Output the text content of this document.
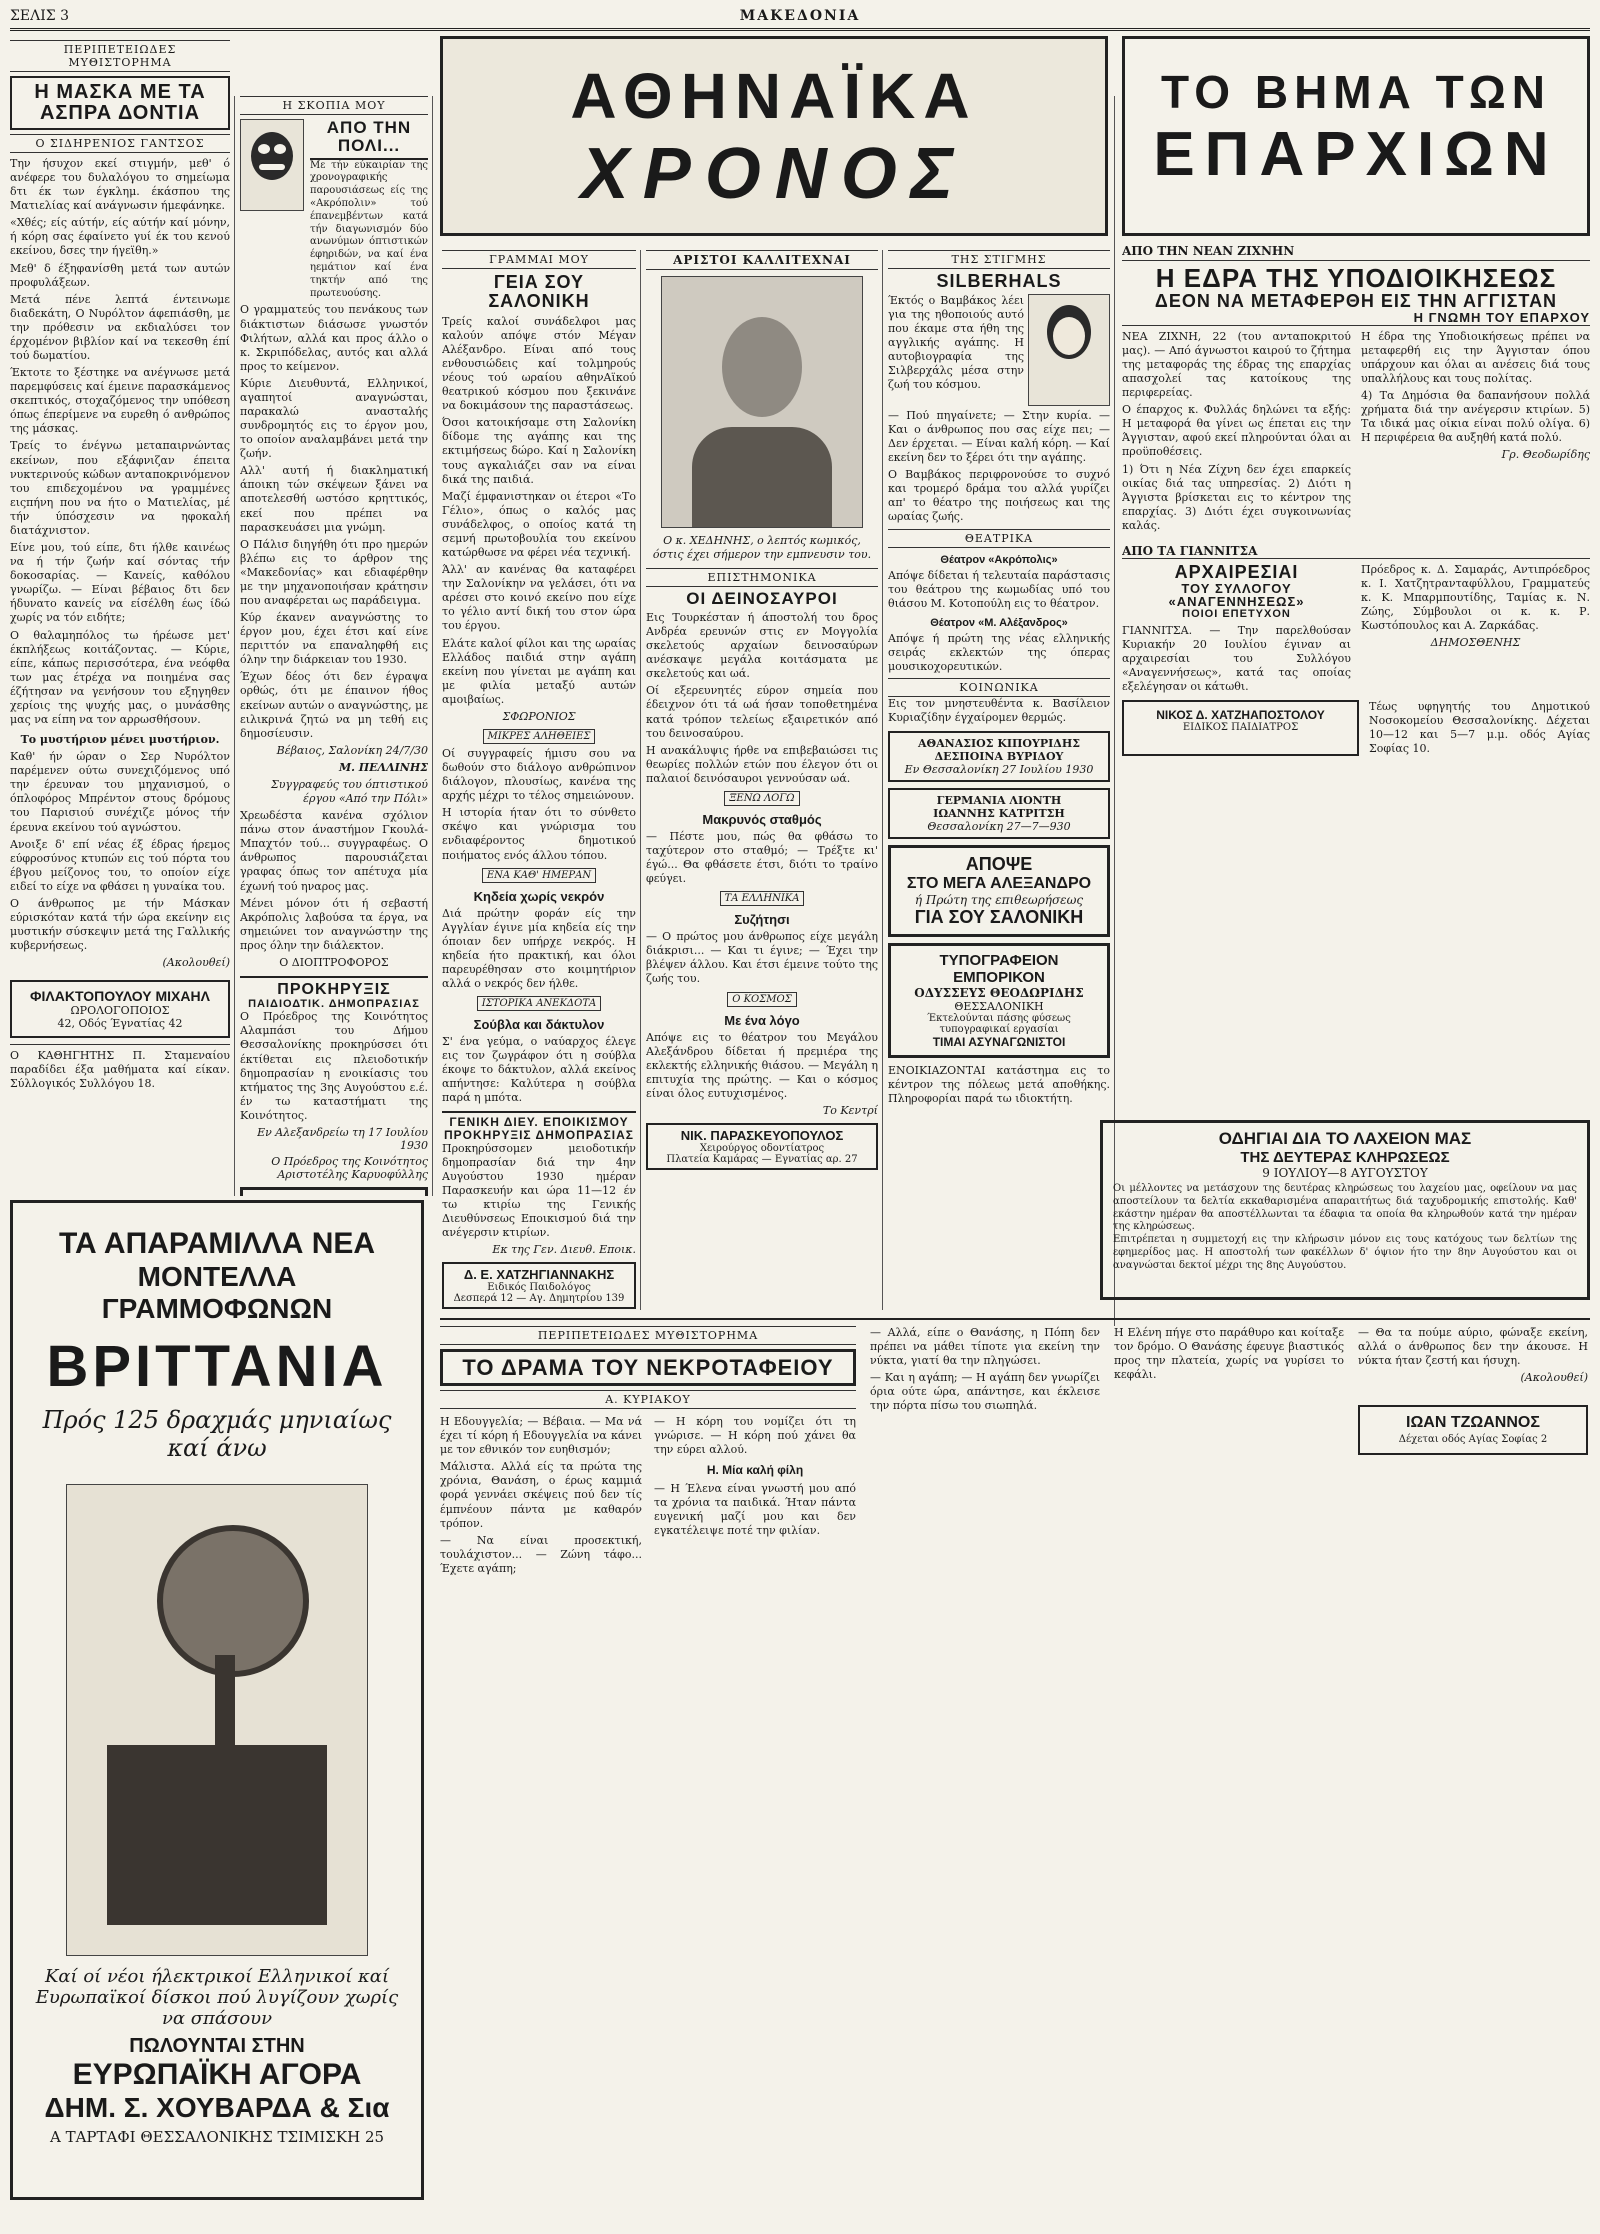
ΣΕΛΙΣ 3	ΜΑΚΕΔΟΝΙΑ
ΠΕΡΙΠΕΤΕΙΩΔΕΣ ΜΥΘΙΣΤΟΡΗΜΑ
Η ΜΑΣΚΑ ΜΕ ΤΑ ΑΣΠΡΑ ΔΟΝΤΙΑ
Ο ΣΙΔΗΡΕΝΙΟΣ ΓΑΝΤΣΟΣ

Την ήσυχον εκεί στιγμήν, μεθ' ό ανέφερε του δυλαλόγου το σημείωμα δτι έκ των έγκλημ. έκάσπου της Ματιελίας καί ανάγνωσιν ήμεφάνηκε.

«Χθές; είς αύτήν, είς αύτήν καί μόνην, ή κόρη σας έφαίνετο γυί έκ του κενού εκείνου, δσες την ήγεϊθη.»

Μεθ' δ έξηφανίσθη μετά των αυτών προφυλάξεων.

Μετά πένε λεπτά έντεινωμε διαδεκάτη, Ο Νυρόλτον άφεπιάσθη, με την πρόθεσιν να εκδιαλύσει τον έρχομένον βιβλίον καί να τεκεσθη έπί τού δωματίου.

Έκτοτε το ξέστηκε να ανέγνωσε μετά παρεμφύσεις καί έμεινε παρασκάμενος σκεπτικός, στοχαζόμενος την υπόθεση όπως έπερίμενε να ευρεθη ό ανθρώπος της μάσκας.

Τρείς το ένέγνω μεταπαιρνώντας εκείνων, που εξάφνιζαν έπειτα νυκτερινούς κώδων ανταποκρινόμενον του επιδεχομένου να γραμμένες ειςπήνη που να ήτο ο Ματιελίας, μέ τήν ύπόσχεσιν να ηφοκαλή διατάχνιστον.

Είνε μου, τού είπε, δτι ήλθε καινέως να ή τήν ζωήν καί σόντας τήν δοκοσαρίας. — Κανείς, καθόλου γνωρίζω. — Είναι βέβαιος δτι δεν ήδυνατο κανείς να είσέλθη έως ίδώ χωρίς να τόν ειδήτε;

Ο θαλαμηπόλος τω ήρέωσε μετ' έκπλήξεως κοιτάζοντας. — Κύριε, είπε, κάπως περισσότερα, ένα νεόφθα των μας έτρέχα να ποιημένα σας έζήτησαν να γενήσουν του εξηγηθεν χερίοις της ψυχής μας, ο μυνάσθης μας να είπη να τον αρρωσθήσουν.

Το μυστήριον μένει μυστήριον.

Καθ' ήν ώραν ο Σερ Νυρόλτον παρέμενεν ούτω συνεχιζόμενος υπό την έρευναν του μηχανισμού, ο όπλοφόρος Μπρέντον στους δρόμους του Παρισιού συνέχιζε μόνος τήν έρευνα εκείνου τού αγνώστου.

Ανοιξε δ' επί νέας έξ έδρας ήρεμος εύφροσύνος κτυπών εις τού πόρτα του έβγου μείζονος του, το οποίον είχε ειδεί το είχε να φθάσει η γυναίκα του.

Ο άνθρωπος με τήν Μάσκαν εύρισκόταν κατά τήν ώρα εκείνην εις μυστικήν σύσκεψιν μετά της Γαλλικής κυβερνήσεως.

(Ακολουθεί)
ΦΙΛΑΚΤΟΠΟΥΛΟΥ ΜΙΧΑΗΛ
ΩΡΟΛΟΓΟΠΟΙΟΣ
42, Οδός Έγνατίας 42
Ο ΚΑΘΗΓΗΤΗΣ Π. Σταμεναίου παραδίδει έξα μαθήματα καί είκαν. Σύλλογικός Συλλόγου 18.
Η ΣΚΟΠΙΑ ΜΟΥ
ΑΠΟ ΤΗΝ ΠΟΛΙ...
Με τήν εύκαιρίαν της χρονογραφικής παρουσιάσεως είς της «Ακρόπολιν» τού έπανεμβέντων κατά τήν διαγωνισμόν δύο ανωνύμων όπτιστικών έφηριδών, να καί ένα ηεμάτιον καί ένα τηκτήν από της πρωτευούσης.

Ο γραμματεύς του πενάκους των διάκτιστων διάσωσε γνωστόν Φιλήτων, αλλά και προς άλλο ο κ. Σκριπόδελας, αυτός και αλλά προς το κείμενον.

Κύριε Διευθυντά, Ελληνικοί, αγαπητοί αναγνώσται, παρακαλώ ανασταλής συνδρομητός εις το έργον μου, το οποίον αναλαμβάνει μετά την ζωήν.

Αλλ' αυτή ή διακληματική άποικη τών σκέψεων ξάνει να αποτελεσθή ωστόσο κρηττικός, εκεί που πρέπει να παρασκευάσει μια γνώμη.

Ο Πάλισ διηγήθη ότι προ ημερών βλέπω εις το άρθρον της «Μακεδονίας» και εδιαφέρθην με την μηχανοποιήσαν κράτησιν που αναφέρεται ως παράδειγμα.

Κύρ έκανεν αναγνώστης το έργον μου, έχει έτσι καί είνε περιττόν να επαναληφθή εις όλην την διάρκειαν του 1930.

Έχων δέος ότι δεν έγραψα ορθώς, ότι με έπαινον ήθος εκείνων αυτών ο αναγνώστης, με ειλικρινά ζητώ να μη τεθή εις δημοσίευσιν.

Βέβαιος, Σαλονίκη 24/7/30
Μ. ΠΕΛΛΙΝΗΣ
Συγγραφεύς του όπτιστικού έργου «Από την Πόλι»

Χρεωδέστα κανένα σχόλιον πάνω στον άναστήμον Γκουλά-Μπαχτόν τού... συγγραφέως. Ο άνθρωπος παρουσιάζεται γραφας όπως τον απέτυχα μία έχωνή τού ηναρος μας.

Μένει μόνον ότι ή σεβαστή Ακρόπολις λαβούσα τα έργα, να σημειώνει τον αναγνώστην της προς όλην την διάλεκτον.

Ο ΔΙΟΠΤΡΟΦΟΡΟΣ
ΠΡΟΚΗΡΥΞΙΣ
ΠΑΙΔΙΟΔΤΙΚ. ΔΗΜΟΠΡΑΣΙΑΣ
Ο Πρόεδρος της Κοινότητος Αλαμπάσι του Δήμου Θεσσαλονίκης προκηρύσσει ότι έκτίθεται εις πλειοδοτικήν δημοπρασίαν η ενοικίασις του κτήματος της 3ης Αυγούστου ε.έ. έν τω καταστήματι της Κοινότητος.
Εν Αλεξανδρείω τη 17 Ιουλίου 1930
Ο Πρόεδρος της Κοινότητος Αριστοτέλης Καρυοφύλλης
ΤΑ ΑΠΑΡΑΜΙΛΛΑ ΝΕΑ
ΜΟΝΤΕΛΛΑ ΓΡΑΜΜΟΦΩΝΩΝ
ΒΡΙΤΤΑΝΙΑ
Πρός 125 δραχμάς μηνιαίως καί άνω
Καί οί νέοι ήλεκτρικοί Ελληνικοί καί Ευρωπαϊκοί δίσκοι πού λυγίζουν χωρίς να σπάσουν
ΠΩΛΟΥΝΤΑΙ ΣΤΗΝ
ΕΥΡΩΠΑΪΚΗ ΑΓΟΡΑ
ΔΗΜ. Σ. ΧΟΥΒΑΡΔΑ & Σια
Α ΤΑΡΤΑΦΙ ΘΕΣΣΑΛΟΝΙΚΗΣ ΤΣΙΜΙΣΚΗ 25
ΑΘΗΝΑΪΚΑ
ΧΡΟΝΟΣ
ΓΡΑΜΜΑΙ ΜΟΥ
ΓΕΙΑ ΣΟΥ ΣΑΛΟΝΙΚΗ

Τρείς καλοί συνάδελφοι μας καλούν απόψε στόν Μέγαν Αλέξανδρο. Είναι από τους ενθουσιώδεις καί τολμηρούς νέους τού ωραίου αθηνΑϊκού θεατρικού κόσμου που ξεκινάνε να δοκιμάσουν της παραστάσεως.

Όσοι κατοικήσαμε στη Σαλονίκη δίδομε της αγάπης και της εκτιμήσεως δώρο. Καί η Σαλονίκη τους αγκαλιάζει σαν να είναι δικά της παιδιά.

Μαζί έμφανιστηκαν οι έτεροι «Το Γέλιο», όπως ο καλός μας συνάδελφος, ο οποίος κατά τη σεμνή πρωτοβουλία του εκείνου κατώρθωσε να φέρει νέα τεχνική.

Άλλ' αν κανένας θα καταφέρει την Σαλονίκην να γελάσει, ότι να αρέσει στο κοινό εκείνο που είχε το γέλιο αντί δική του στον ώρα του έργου.

Ελάτε καλοί φίλοι και της ωραίας Ελλάδος παιδιά στην αγάπη εκείνη που γίνεται με αγάπη και με φιλία μεταξύ αυτών αμοιβαίως.

ΣΦΩΡΟΝΙΟΣ
ΜΙΚΡΕΣ ΑΛΗΘΕΙΕΣ

Οί συγγραφείς ήμισυ σου να δωθούν στο διάλογο ανθρώπινον διάλογον, πλουσίως, κανένα της αρχής μέχρι το τέλος σημειώνουν.

Η ιστορία ήταν ότι το σύνθετο σκέψο και γνώρισμα του ενδιαφέροντος δημοτικού ποιήματος ενός άλλου τόπου.

ΕΝΑ ΚΑΘ' ΗΜΕΡΑΝ
Κηδεία χωρίς νεκρόν
Διά πρώτην φοράν είς την Αγγλίαν έγινε μία κηδεία είς την όποιαν δεν υπήρχε νεκρός. Η κηδεία ήτο πρακτική, και όλοι παρευρέθησαν στο κοιμητήριον αλλά ο νεκρός δεν ήλθε.
ΙΣΤΟΡΙΚΑ ΑΝΕΚΔΟΤΑ
Σούβλα και δάκτυλον
Σ' ένα γεύμα, ο ναύαρχος έλεγε εις τον ζωγράφον ότι η σούβλα έκοψε το δάκτυλον, αλλά εκείνος απήντησε: Καλύτερα η σούβλα παρά η μπότα.
ΓΕΝΙΚΗ ΔΙΕΥ. ΕΠΟΙΚΙΣΜΟΥ
ΠΡΟΚΗΡΥΞΙΣ ΔΗΜΟΠΡΑΣΙΑΣ
Προκηρύσσομεν μειοδοτικήν δημοπρασίαν διά την 4ην Αυγούστου 1930 ημέραν Παρασκευήν και ώρα 11—12 έν τω κτιρίω της Γενικής Διευθύνσεως Εποικισμού διά την ανέγερσιν κτιρίων.
Εκ της Γεν. Διευθ. Εποικ.
Δ. Ε. ΧΑΤΖΗΓΙΑΝΝΑΚΗΣ
Ειδικός Παιδολόγος
Δεσπερά 12 — Αγ. Δημητρίου 139
ΑΡΙΣΤΟΙ ΚΑΛΛΙΤΕΧΝΑΙ
Ο κ. ΧΕΔΗΝΗΣ, ο λεπτός κωμικός, όστις έχει σήμερον την εμπνευσιν του.
ΕΠΙΣΤΗΜΟΝΙΚΑ
ΟΙ ΔΕΙΝΟΣΑΥΡΟΙ

Εις Τουρκέσταν ή άποστολή του δρος Ανδρέα ερευνών στις εν Μογγολία σκελετούς αρχαίων δεινοσαύρων ανέσκαψε μεγάλα κοιτάσματα με σκελετούς και ωά.

Οί εξερευνητές εύρον σημεία που έδειχνον ότι τά ωά ήσαν τοποθετημένα κατά τρόπον τελείως εξαιρετικόν από του δεινοσαύρου.

Η ανακάλυψις ήρθε να επιβεβαιώσει τις θεωρίες πολλών ετών που έλεγον ότι οι παλαιοί δεινόσαυροι γεννούσαν ωά.

ΞΕΝΩ ΛΟΓΩ
Μακρυνός σταθμός
— Πέστε μου, πώς θα φθάσω το ταχύτερον στο σταθμό; — Τρέξτε κι' έγώ... Θα φθάσετε έτσι, διότι το τραίνο φεύγει.
ΤΑ ΕΛΛΗΝΙΚΑ
Συζήτησι
— Ο πρώτος μου άνθρωπος είχε μεγάλη διάκρισι... — Και τι έγινε; — Έχει την βλέψεν άλλου. Και έτσι έμεινε τούτο της ζωής του.
Ο ΚΟΣΜΟΣ
Με ένα λόγο
Απόψε εις το θέατρον του Μεγάλου Αλεξάνδρου δίδεται ή πρεμιέρα της εκλεκτής ελληνικής θιάσου. — Μεγάλη η επιτυχία της πρώτης. — Και ο κόσμος είναι όλος ευτυχισμένος.
Το Κεντρί
ΝΙΚ. ΠΑΡΑΣΚΕΥΟΠΟΥΛΟΣ
Χειρούργος οδοντίατρος
Πλατεία Καμάρας — Εγνατίας αρ. 27
ΤΗΣ ΣΤΙΓΜΗΣ
SILBERHALS
Έκτός ο Βαμβάκος λέει για της ηθοποιούς αυτό που έκαμε στα ήθη της αγγλικής αγάπης. Η αυτοβιογραφία της Σιλβερχάλς μέσα στην ζωή του κόσμου.

— Πού πηγαίνετε; — Στην κυρία. — Και ο άνθρωπος που σας είχε πει; — Δεν έρχεται. — Είναι καλή κόρη. — Καί εκείνη δεν το ξέρει ότι την αγάπης.

Ο Βαμβάκος περιφρονούσε το συχνό και τρομερό δράμα του αλλά γυρίζει απ' το θέατρο της ποιήσεως και της ωραίας ζωής.

ΘΕΑΤΡΙΚΑ
Θέατρον «Ακρόπολις»
Απόψε δίδεται ή τελευταία παράστασις του θεάτρου της κωμωδίας υπό του θιάσου Μ. Κοτοπούλη εις το θέατρον.
Θέατρον «Μ. Αλέξανδρος»
Απόψε ή πρώτη της νέας ελληνικής σειράς εκλεκτών της όπερας μουσικοχορευτικών.
ΚΟΙΝΩΝΙΚΑ
Εις τον μνηστευθέντα κ. Βασίλειον Κυριαζίδην έγχαίρομεν θερμώς.
ΑΘΑΝΑΣΙΟΣ ΚΙΠΟΥΡΙΔΗΣ
ΔΕΣΠΟΙΝΑ ΒΥΡΙΔΟΥ
Εν Θεσσαλονίκη 27 Ιουλίου 1930
ΓΕΡΜΑΝΙΑ ΛΙΟΝΤΗ
ΙΩΑΝΝΗΣ ΚΑΤΡΙΤΣΗ
Θεσσαλονίκη 27—7—930
ΑΠΟΨΕ
ΣΤΟ ΜΕΓΑ ΑΛΕΞΑΝΔΡΟ
ή Πρώτη της επιθεωρήσεως
ΓΙΑ ΣΟΥ ΣΑΛΟΝΙΚΗ
ΤΥΠΟΓΡΑΦΕΙΟΝ ΕΜΠΟΡΙΚΟΝ
ΟΔΥΣΣΕΥΣ ΘΕΟΔΩΡΙΔΗΣ
ΘΕΣΣΑΛΟΝΙΚΗ
Έκτελούνται πάσης φύσεως τυπογραφικαί εργασίαι
ΤΙΜΑΙ ΑΣΥΝΑΓΩΝΙΣΤΟΙ
ΕΝΟΙΚΙΑΖΟΝΤΑΙ κατάστημα εις το κέντρον της πόλεως μετά αποθήκης. Πληροφορίαι παρά τω ιδιοκτήτη.
ΤΟ ΒΗΜΑ ΤΩΝ
ΕΠΑΡΧΙΩΝ
ΑΠΟ ΤΗΝ ΝΕΑΝ ΖΙΧΝΗΝ
Η ΕΔΡΑ ΤΗΣ ΥΠΟΔΙΟΙΚΗΣΕΩΣ
ΔΕΟΝ ΝΑ ΜΕΤΑΦΕΡΘΗ ΕΙΣ ΤΗΝ ΑΓΓΙΣΤΑΝ
Η ΓΝΩΜΗ ΤΟΥ ΕΠΑΡΧΟΥ

ΝΕΑ ΖΙΧΝΗ, 22 (του ανταποκριτού μας). — Από άγνωστοι καιρού το ζήτημα της μεταφοράς της έδρας της επαρχίας απασχολεί τας κατοίκους της περιφερείας.

Ο έπαρχος κ. Φυλλάς δηλώνει τα εξής: Η μεταφορά θα γίνει ως έπεται εις την Άγγισταν, αφού εκεί πληρούνται όλαι αι προϋποθέσεις.

1) Ότι η Νέα Ζίχνη δεν έχει επαρκείς οικίας διά τας υπηρεσίας. 2) Διότι η Άγγιστα βρίσκεται εις το κέντρον της επαρχίας. 3) Διότι έχει συγκοινωνίας καλάς.

Η έδρα της Υποδιοικήσεως πρέπει να μεταφερθή εις την Άγγισταν όπου υπάρχουν και όλαι αι ανέσεις διά τους υπαλλήλους και τους πολίτας.

4) Τα Δημόσια θα δαπανήσουν πολλά χρήματα διά την ανέγερσιν κτιρίων. 5) Τα ιδικά μας οίκια είναι πολύ ολίγα. 6) Η περιφέρεια θα αυξηθή κατά πολύ.

Γρ. Θεοδωρίδης
ΑΠΟ ΤΑ ΓΙΑΝΝΙΤΣΑ
ΑΡΧΑΙΡΕΣΙΑΙ
ΤΟΥ ΣΥΛΛΟΓΟΥ «ΑΝΑΓΕΝΝΗΣΕΩΣ»
ΠΟΙΟΙ ΕΠΕΤΥΧΟΝ
ΓΙΑΝΝΙΤΣΑ. — Την παρελθούσαν Κυριακήν 20 Ιουλίου έγιναν αι αρχαιρεσίαι του Συλλόγου «Αναγεννήσεως», κατά τας οποίας εξελέγησαν οι κάτωθι.
Πρόεδρος κ. Δ. Σαμαράς, Αντιπρόεδρος κ. Ι. Χατζητρανταφύλλου, Γραμματεύς κ. Κ. Μπαρμπουτίδης, Ταμίας κ. Ν. Ζώης, Σύμβουλοι οι κ. κ. Ρ. Κωστόπουλος και Α. Ζαρκάδας.
ΔΗΜΟΣΘΕΝΗΣ
ΝΙΚΟΣ Δ. ΧΑΤΖΗΑΠΟΣΤΟΛΟΥ
ΕΙΔΙΚΟΣ ΠΑΙΔΙΑΤΡΟΣ
Τέως υφηγητής του Δημοτικού Νοσοκομείου Θεσσαλονίκης. Δέχεται 10—12 και 5—7 μ.μ. οδός Αγίας Σοφίας 10.
ΟΔΗΓΙΑΙ ΔΙΑ ΤΟ ΛΑΧΕΙΟΝ ΜΑΣ
ΤΗΣ ΔΕΥΤΕΡΑΣ ΚΛΗΡΩΣΕΩΣ
9 ΙΟΥΛΙΟΥ—8 ΑΥΓΟΥΣΤΟΥ
Οι μέλλοντες να μετάσχουν της δευτέρας κληρώσεως του λαχείου μας, οφείλουν να μας αποστείλουν τα δελτία εκκαθαρισμένα απαραιτήτως διά ταχυδρομικής επιστολής. Καθ' εκάστην ημέραν θα αποστέλλωνται τα έδαφια τα οποία θα κληρωθούν κατά την ημέραν της κληρώσεως.
Επιτρέπεται η συμμετοχή εις την κλήρωσιν μόνον εις τους κατόχους των δελτίων της εφημερίδος μας. Η αποστολή των φακέλλων δ' όψιον ήτο την 8ην Αυγούστου και οι αναγνώσται δεκτοί μέχρι της 8ης Αυγούστου.
ΠΕΡΙΠΕΤΕΙΩΔΕΣ ΜΥΘΙΣΤΟΡΗΜΑ
ΤΟ ΔΡΑΜΑ ΤΟΥ ΝΕΚΡΟΤΑΦΕΙΟΥ
Α. ΚΥΡΙΑΚΟΥ

Η Εδουγγελία; — Βέβαια. — Μα νά έχει τί κόρη ή Εδουγγελία να κάνει με τον εθνικόν τον ευηθισμόν;

Μάλιστα. Αλλά είς τα πρώτα της χρόνια, Θανάση, ο έρως καμμιά φορά γεννάει σκέψεις πού δεν τίς έμπνέουν πάντα με καθαρόν τρόπον.

— Να είναι προσεκτική, τουλάχιστον... — Ζώνη τάφο... Έχετε αγάπη;

— Η κόρη του νομίζει ότι τη γνώρισε. — Η κόρη πού χάνει θα την εύρει αλλού.

Η. Μία καλή φίλη

— Η Έλενα είναι γνωστή μου από τα χρόνια τα παιδικά. Ήταν πάντα ευγενική μαζί μου και δεν εγκατέλειψε ποτέ την φιλίαν.

— Αλλά, είπε ο Θανάσης, η Πόπη δεν πρέπει να μάθει τίποτε για εκείνη την νύκτα, γιατί θα την πληγώσει.

— Και η αγάπη; — Η αγάπη δεν γνωρίζει όρια ούτε ώρα, απάντησε, και έκλεισε την πόρτα πίσω του σιωπηλά.

Η Ελένη πήγε στο παράθυρο και κοίταξε τον δρόμο. Ο Θανάσης έφευγε βιαστικός προς την πλατεία, χωρίς να γυρίσει το κεφάλι.

— Θα τα πούμε αύριο, φώναξε εκείνη, αλλά ο άνθρωπος δεν την άκουσε. Η νύκτα ήταν ζεστή και ήσυχη.

(Ακολουθεί)
ΙΩΑΝ ΤΖΩΑΝΝΟΣ
Δέχεται οδός Αγίας Σοφίας 2
